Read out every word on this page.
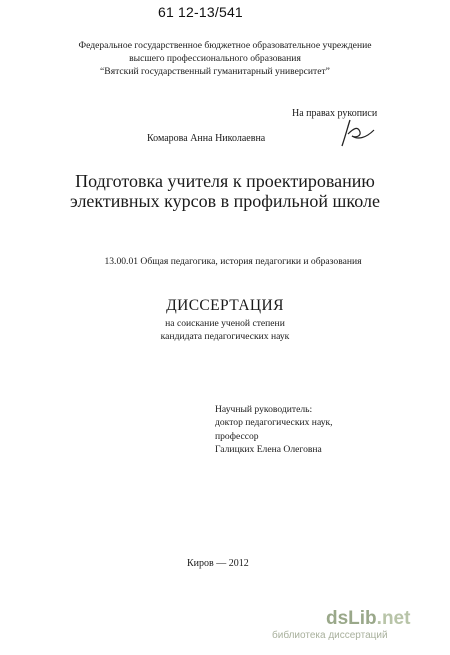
61 12-13/541
Федеральное государственное бюджетное образовательное учреждение
высшего профессионального образования
“Вятский государственный гуманитарный университет”
На правах рукописи
Комарова Анна Николаевна
Подготовка учителя к проектированию
элективных курсов в профильной школе
13.00.01 Общая педагогика, история педагогики и образования
ДИССЕРТАЦИЯ
на соискание ученой степени
кандидата педагогических наук
Научный руководитель:
доктор педагогических наук,
профессор
Галицких Елена Олеговна
Киров — 2012
dsLib.net
библиотека диссертаций
